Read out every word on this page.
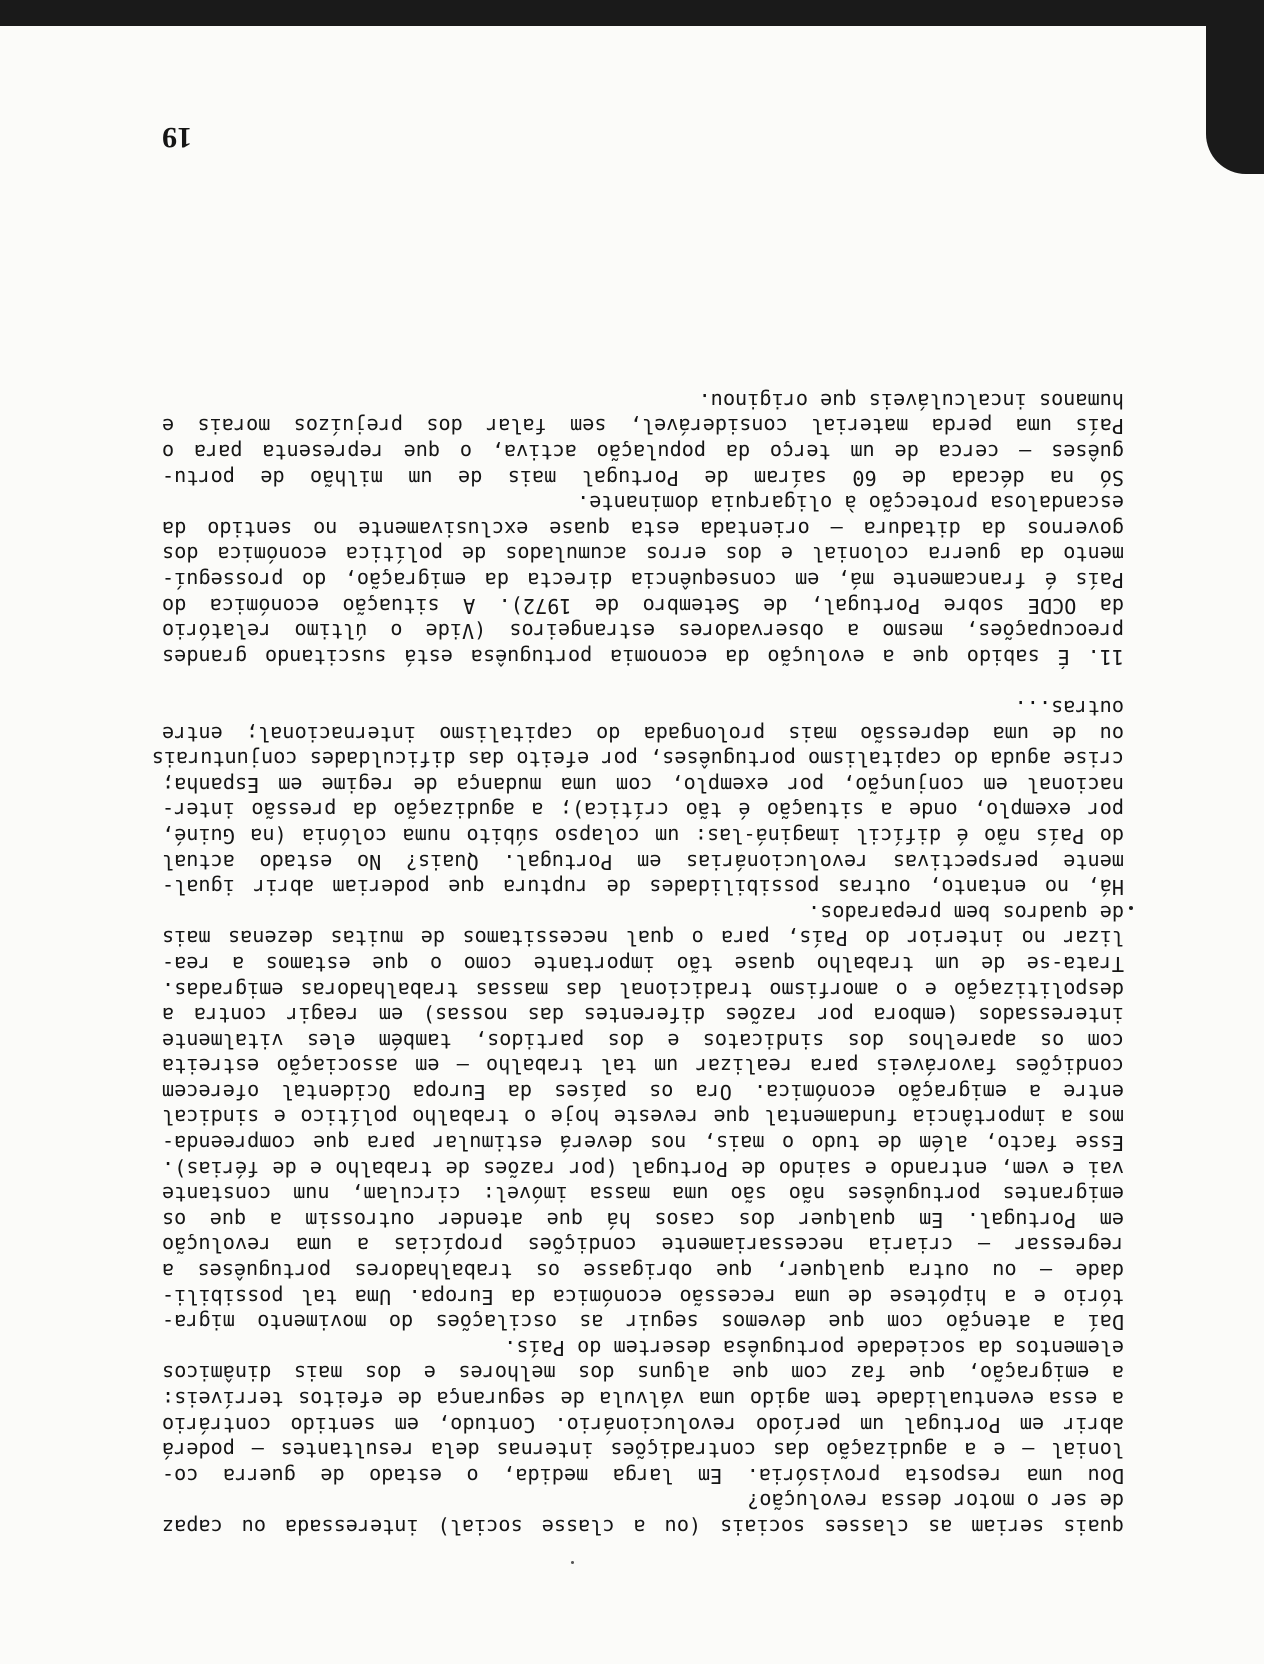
quais seriam as classes sociais (ou a classe social) interessada ou capaz
de ser o motor dessa revolução?
Dou uma resposta provisória. Em larga medida, o estado de guerra co-
lonial — e a agudização das contradições internas dela resultantes — poderá
abrir em Portugal um período revolucionário. Contudo, em sentido contrário
a essa eventualidade tem agido uma válvula de segurança de efeitos terríveis:
a emigração, que faz com que alguns dos melhores e dos mais dinâmicos
elementos da sociedade portuguêsa desertem do País.
Daí a atenção com que devemos seguir as oscilações do movimento migra-
tório e a hipótese de uma recessão económica da Europa. Uma tal possibili-
dade — ou outra qualquer, que obrigasse os trabalhadores portuguêses a
regressar — criaria necessariamente condições propícias a uma revolução
em Portugal. Em qualquer dos casos há que atender outrossim a que os
emigrantes portuguêses não são uma massa imóvel: circulam, num constante
vai e vem, entrando e saindo de Portugal (por razões de trabalho e de férias).
Esse facto, além de tudo o mais, nos deverá estimular para que compreenda-
mos a importância fundamental que reveste hoje o trabalho político e sindical
entre a emigração económica. Ora os países da Europa Ocidental oferecem
condições favoráveis para realizar um tal trabalho — em associação estreita
com os aparelhos dos sindicatos e dos partidos, também eles vitalmente
interessados (embora por razões diferentes das nossas) em reagir contra a
despolitização e o amorfismo tradicional das massas trabalhadoras emigradas.
Trata-se de um trabalho quase tão importante como o que estamos a rea-
lizar no interior do País, para o qual necessitamos de muitas dezenas mais
de quadros bem preparados.
Há, no entanto, outras possibilidades de ruptura que poderiam abrir igual-
mente perspectivas revolucionárias em Portugal. Quais? No estado actual
do País não é difícil imaginá-las: um colapso súbito numa colónia (na Guiné,
por exemplo, onde a situação é tão crítica); a agudização da pressão inter-
nacional em conjunção, por exemplo, com uma mudança de regime em Espanha;
crise aguda do capitalismo portuguêses, por efeito das dificuldades conjunturais
ou de uma depressão mais prolongada do capitalismo internacional; entre
outras...
11. É sabido que a evolução da economia portuguêsa está suscitando grandes
preocupações, mesmo a observadores estrangeiros (Vide o último relatório
da OCDE sobre Portugal, de Setembro de 1972). A situação económica do
País é francamente má, em consequência directa da emigração, do prosseguí-
mento da guerra colonial e dos erros acumulados de política económica dos
governos da ditadura — orientada esta quase exclusivamente no sentido da
escandalosa protecção à oligarquia dominante.
Só na década de 60 saíram de Portugal mais de um milhão de portu-
guêses — cerca de um terço da população activa, o que representa para o
País uma perda material considerável, sem falar dos prejuízos morais e
humanos incalculáveis que originou.
19
